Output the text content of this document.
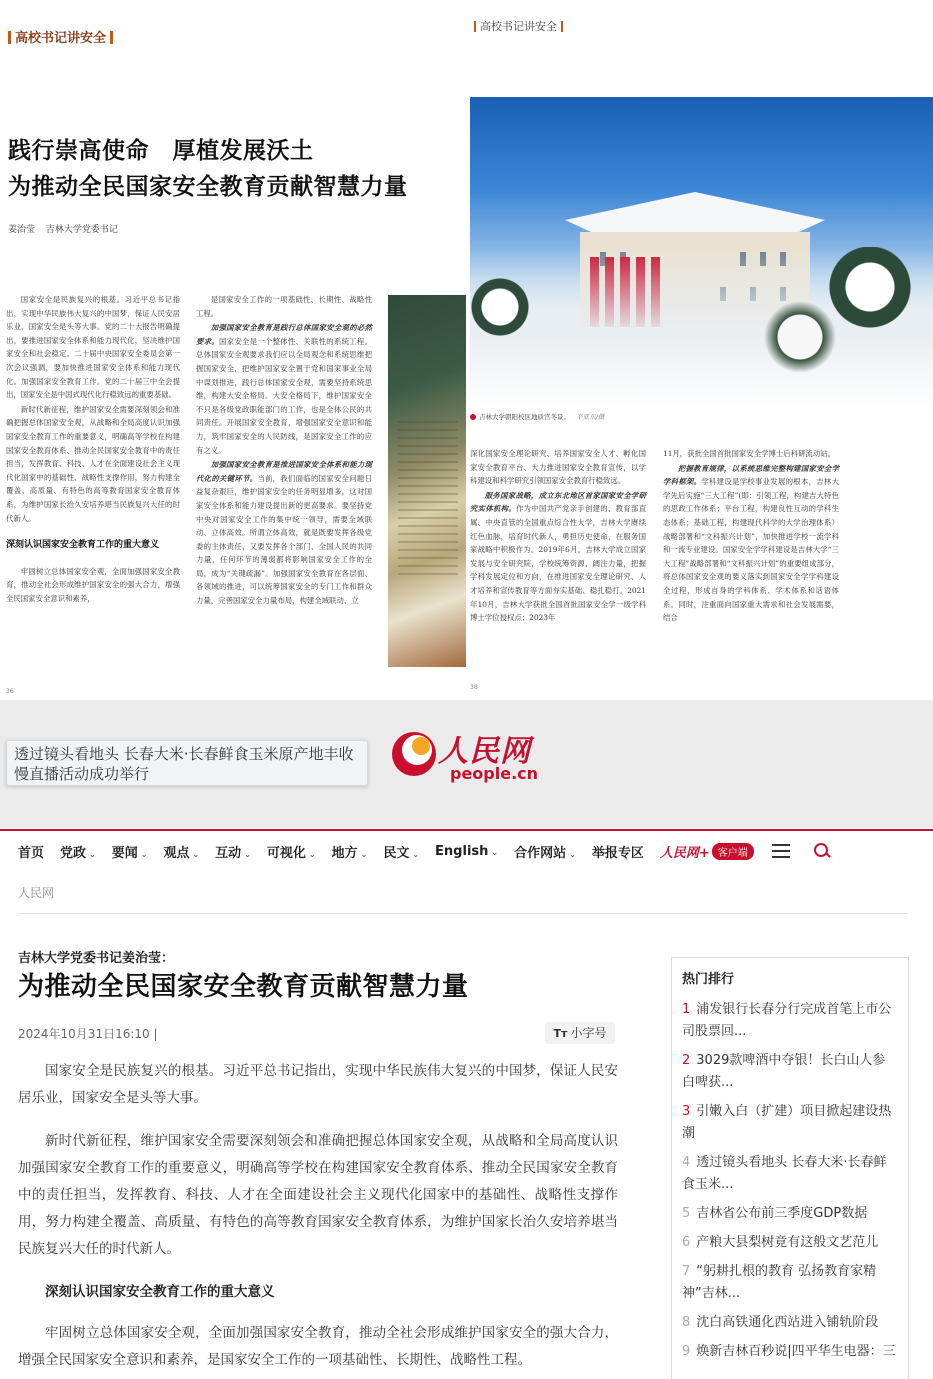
高校书记讲安全
践行崇高使命　厚植发展沃土
为推动全民国家安全教育贡献智慧力量
姜治莹 吉林大学党委书记

国家安全是民族复兴的根基。习近平总书记指出，实现中华民族伟大复兴的中国梦，保证人民安居乐业，国家安全是头等大事。党的二十大报告明确提出，要推进国家安全体系和能力现代化，坚决维护国家安全和社会稳定。二十届中央国家安全委员会第一次会议强调，要加快推进国家安全体系和能力现代化。加强国家安全教育工作。党的二十届三中全会提出，国家安全是中国式现代化行稳致远的重要基础。

新时代新征程，维护国家安全需要深刻领会和准确把握总体国家安全观，从战略和全局高度认识加强国家安全教育工作的重要意义，明确高等学校在构建国家安全教育体系、推动全民国家安全教育中的责任担当，发挥教育、科技、人才在全面建设社会主义现代化国家中的基础性、战略性支撑作用，努力构建全覆盖、高质量、有特色的高等教育国家安全教育体系，为维护国家长治久安培养堪当民族复兴大任的时代新人。

深刻认识国家安全教育工作的重大意义

牢固树立总体国家安全观，全面加强国家安全教育，推动全社会形成维护国家安全的强大合力，增强全民国家安全意识和素养，

是国家安全工作的一项基础性、长期性、战略性工程。

加强国家安全教育是践行总体国家安全观的必然要求。国家安全是一个整体性、关联性的系统工程。总体国家安全观要求我们应以全局观念和系统思维把握国家安全，把维护国家安全置于党和国家事业全局中谋划推进，践行总体国家安全观，需要坚持系统思维，构建大安全格局。大安全格局下，维护国家安全不只是各级党政职能部门的工作，也是全体公民的共同责任。开展国家安全教育，增强国家安全意识和能力，筑牢国家安全的人民防线，是国家安全工作的应有之义。

加强国家安全教育是推进国家安全体系和能力现代化的关键环节。当前，我们面临的国家安全问题日益复杂艰巨，维护国家安全的任务明显增多，这对国家安全体系和能力建设提出新的更高要求。要坚持党中央对国家安全工作的集中统一领导，需要全域联动、立体高效。所谓立体高效，就是既要发挥各级党委的主体责任，又要发挥各个部门、全国人民的共同力量，任何环节的薄弱都将影响国家安全工作的全局，成为“关键疏漏”。加强国家安全教育在各层面、各领域的推进，可以统筹国家安全的专门工作和群众力量，完善国家安全力量布局，构建全域联动、立

36
高校书记讲安全
吉林大学朝阳校区地质宫冬景。 辛亚东/摄

深化国家安全理论研究、培养国家安全人才、孵化国家安全教育平台、大力推进国家安全教育宣传，以学科建设和科学研究引领国家安全教育行稳致远。

服务国家战略，成立东北地区首家国家安全学研究实体机构。作为中国共产党亲手创建的、教育部直属、中央直管的全国重点综合性大学，吉林大学赓续红色血脉，培育时代新人，勇担历史使命，在服务国家战略中积极作为。2019年6月，吉林大学成立国家发展与安全研究院，学校统筹资源、阔注力量，把握学科发展定位和方向，在推进国家安全理论研究、人才培养和宣传教育等方面夯实基础、稳扎稳打。2021年10月，吉林大学获批全国首批国家安全学一级学科博士学位授权点；2023年

11月，获批全国首批国家安全学博士后科研流动站。

把握教育规律，以系统思维完整构建国家安全学学科框架。学科建设是学校事业发展的根本，吉林大学先后实施“三大工程”(即：引领工程，构建吉大特色的思政工作体系；平台工程，构建良性互动的学科生态体系；基础工程，构建现代科学的大学治理体系）战略部署和“文科振兴计划”，加快推进学校一流学科和一流专业建设。国家安全学学科建设是吉林大学“三大工程”战略部署和“文科振兴计划”的重要组成部分，将总体国家安全观的要义落实到国家安全学学科建设全过程，形成自身的学科体系、学术体系和话语体系。同时，注重面向国家重大需求和社会发展需要，结合

38
透过镜头看地头 长春大米·长春鲜食玉米原产地丰收慢直播活动成功举行
人民网
people.cn
首页 党政 ⌄ 要闻 ⌄ 观点 ⌄ 互动 ⌄ 可视化 ⌄ 地方 ⌄ 民文 ⌄ English ⌄ 合作网站 ⌄ 举报专区 人民网+ 客户端
人民网
吉林大学党委书记姜治莹：
为推动全民国家安全教育贡献智慧力量
2024年10月31日16:10 |	Tт 小字号

国家安全是民族复兴的根基。习近平总书记指出，实现中华民族伟大复兴的中国梦，保证人民安居乐业，国家安全是头等大事。

新时代新征程，维护国家安全需要深刻领会和准确把握总体国家安全观，从战略和全局高度认识加强国家安全教育工作的重要意义，明确高等学校在构建国家安全教育体系、推动全民国家安全教育中的责任担当，发挥教育、科技、人才在全面建设社会主义现代化国家中的基础性、战略性支撑作用，努力构建全覆盖、高质量、有特色的高等教育国家安全教育体系，为维护国家长治久安培养堪当民族复兴大任的时代新人。

深刻认识国家安全教育工作的重大意义

牢固树立总体国家安全观，全面加强国家安全教育，推动全社会形成维护国家安全的强大合力，增强全民国家安全意识和素养，是国家安全工作的一项基础性、长期性、战略性工程。

热门排行
1 浦发银行长春分行完成首笔上市公司股票回...
2 3029款啤酒中夺银！长白山人参白啤获...
3 引嫩入白（扩建）项目掀起建设热潮
4 透过镜头看地头 长春大米·长春鲜食玉米...
5 吉林省公布前三季度GDP数据
6 产粮大县梨树竟有这般文艺范儿
7 “躬耕扎根的教育 弘扬教育家精神”吉林...
8 沈白高铁通化西站进入铺轨阶段
9 焕新吉林百秒说|四平华生电器：三
